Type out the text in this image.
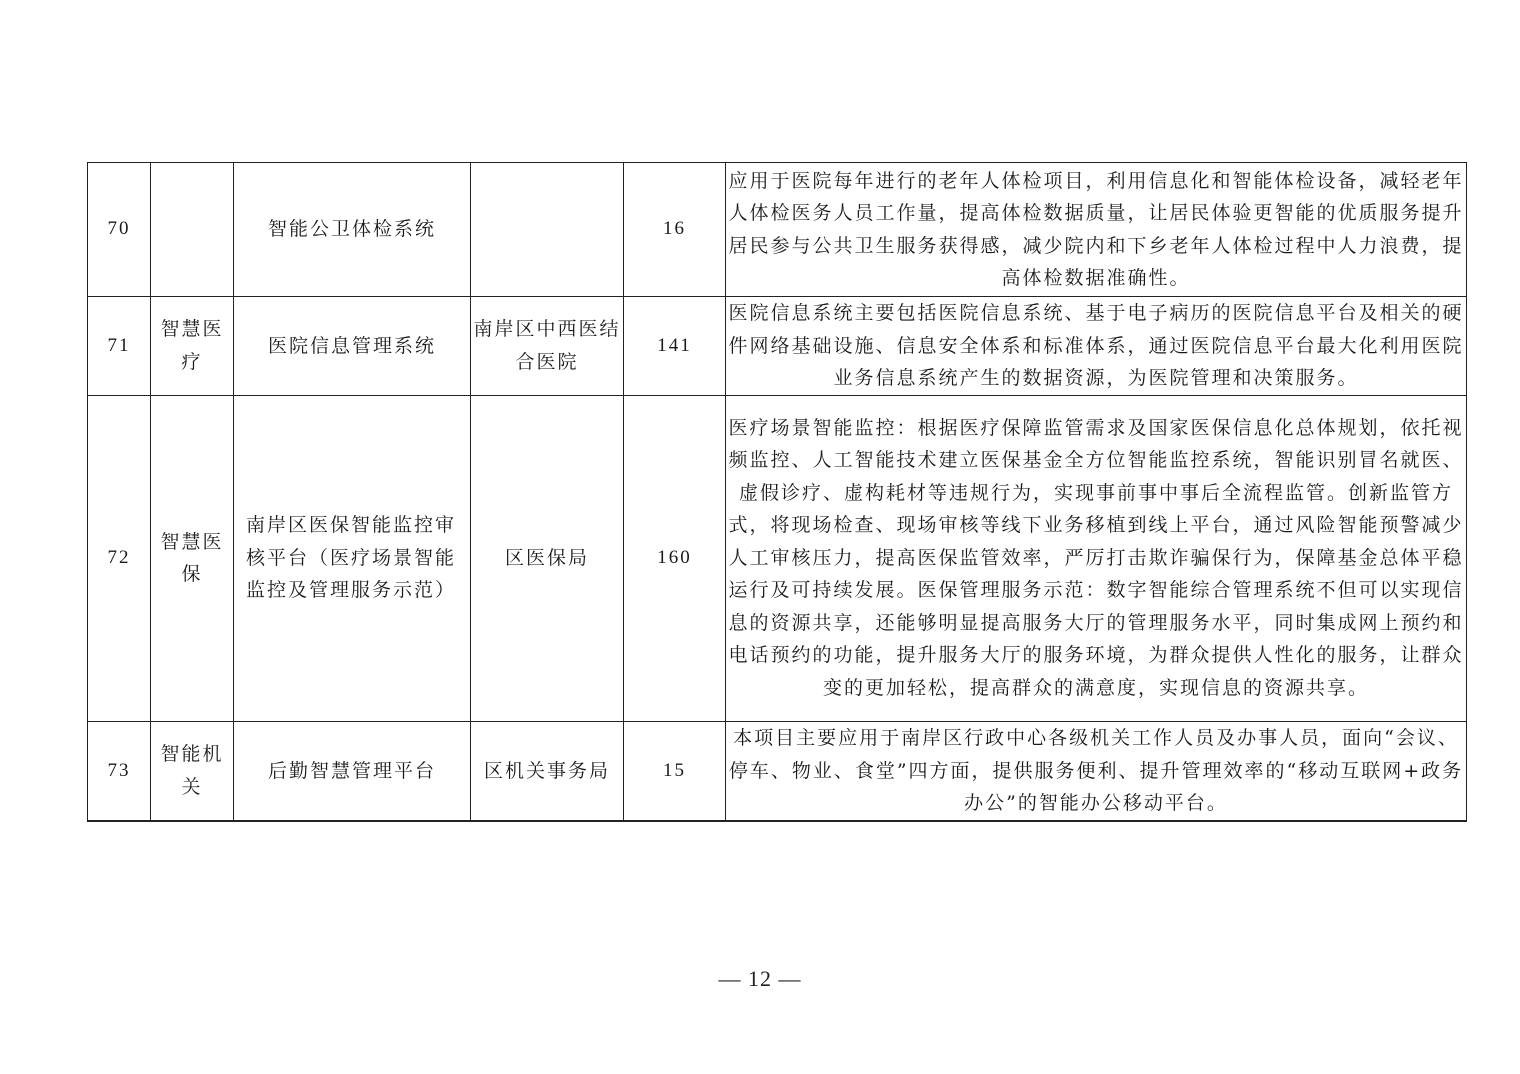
70		智能公卫体检系统		16	应用于医院每年进行的老年人体检项目，利用信息化和智能体检设备，减轻老年人体检医务人员工作量，提高体检数据质量，让居民体验更智能的优质服务提升居民参与公共卫生服务获得感，减少院内和下乡老年人体检过程中人力浪费，提高体检数据准确性。

71	智慧医疗	医院信息管理系统	南岸区中西医结合医院	141	医院信息系统主要包括医院信息系统、基于电子病历的医院信息平台及相关的硬件网络基础设施、信息安全体系和标准体系，通过医院信息平台最大化利用医院业务信息系统产生的数据资源，为医院管理和决策服务。

72	智慧医保	南岸区医保智能监控审核平台（医疗场景智能监控及管理服务示范）	区医保局	160	医疗场景智能监控：根据医疗保障监管需求及国家医保信息化总体规划，依托视频监控、人工智能技术建立医保基金全方位智能监控系统，智能识别冒名就医、虚假诊疗、虚构耗材等违规行为，实现事前事中事后全流程监管。创新监管方式，将现场检查、现场审核等线下业务移植到线上平台，通过风险智能预警减少人工审核压力，提高医保监管效率，严厉打击欺诈骗保行为，保障基金总体平稳运行及可持续发展。医保管理服务示范：数字智能综合管理系统不但可以实现信息的资源共享，还能够明显提高服务大厅的管理服务水平，同时集成网上预约和电话预约的功能，提升服务大厅的服务环境，为群众提供人性化的服务，让群众变的更加轻松，提高群众的满意度，实现信息的资源共享。

73	智能机关	后勤智慧管理平台	区机关事务局	15	本项目主要应用于南岸区行政中心各级机关工作人员及办事人员，面向“会议、停车、物业、食堂”四方面，提供服务便利、提升管理效率的“移动互联网+政务办公”的智能办公移动平台。
— 12 —
